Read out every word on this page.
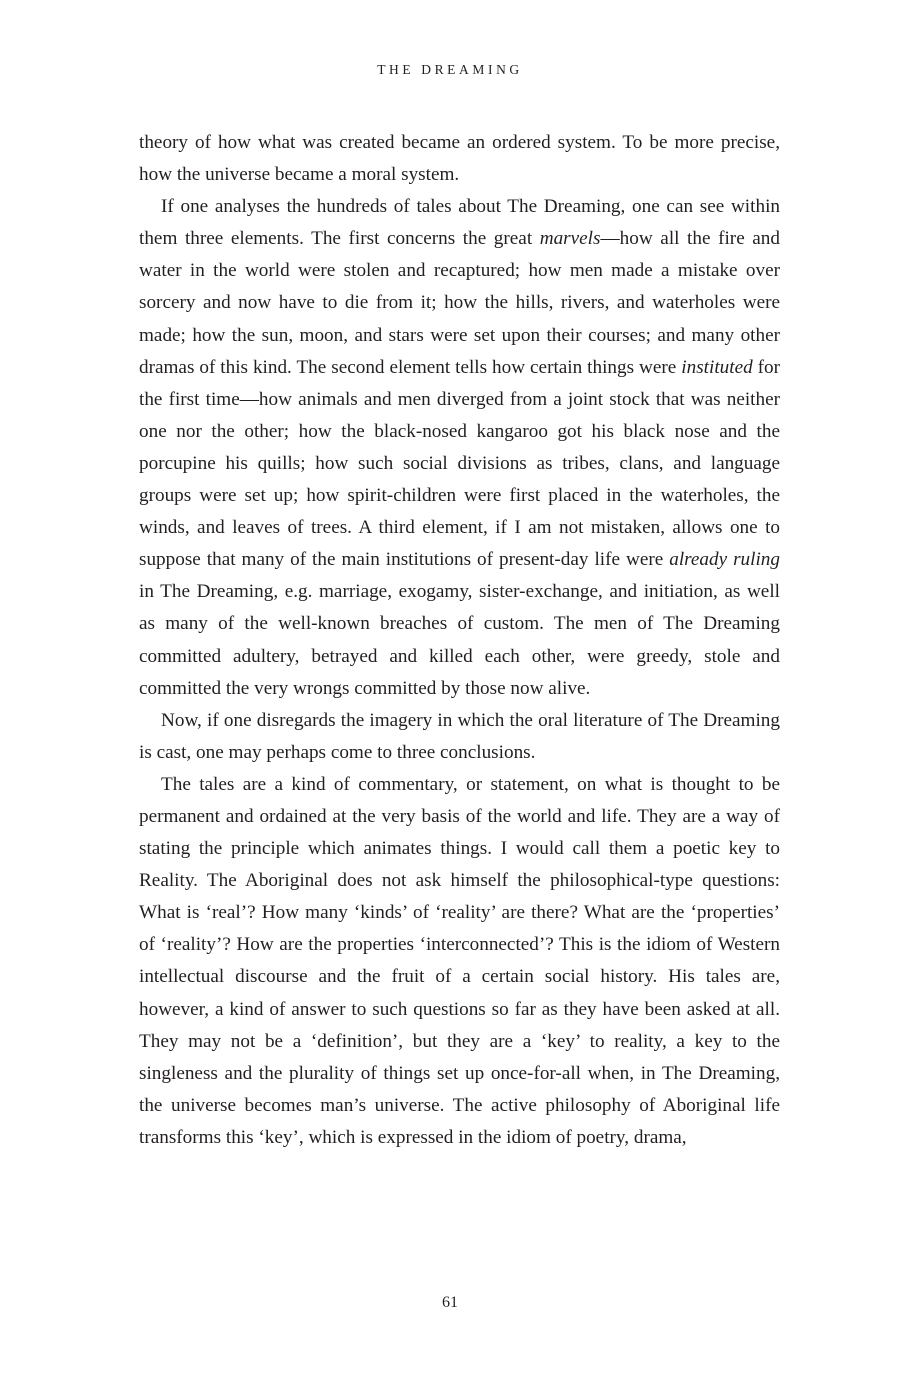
THE DREAMING

theory of how what was created became an ordered system. To be more precise, how the universe became a moral system.

If one analyses the hundreds of tales about The Dreaming, one can see within them three elements. The first concerns the great marvels—how all the fire and water in the world were stolen and recaptured; how men made a mistake over sorcery and now have to die from it; how the hills, rivers, and waterholes were made; how the sun, moon, and stars were set upon their courses; and many other dramas of this kind. The second element tells how certain things were instituted for the first time—how animals and men diverged from a joint stock that was neither one nor the other; how the black-nosed kangaroo got his black nose and the porcupine his quills; how such social divisions as tribes, clans, and language groups were set up; how spirit-children were first placed in the waterholes, the winds, and leaves of trees. A third element, if I am not mistaken, allows one to suppose that many of the main institutions of present-day life were already ruling in The Dreaming, e.g. marriage, exogamy, sister-exchange, and initiation, as well as many of the well-known breaches of custom. The men of The Dreaming committed adultery, betrayed and killed each other, were greedy, stole and committed the very wrongs committed by those now alive.

Now, if one disregards the imagery in which the oral literature of The Dreaming is cast, one may perhaps come to three conclusions.

The tales are a kind of commentary, or statement, on what is thought to be permanent and ordained at the very basis of the world and life. They are a way of stating the principle which animates things. I would call them a poetic key to Reality. The Aboriginal does not ask himself the philosophical-type questions: What is ‘real’? How many ‘kinds’ of ‘reality’ are there? What are the ‘properties’ of ‘reality’? How are the properties ‘interconnected’? This is the idiom of Western intellectual discourse and the fruit of a certain social history. His tales are, however, a kind of answer to such questions so far as they have been asked at all. They may not be a ‘definition’, but they are a ‘key’ to reality, a key to the singleness and the plurality of things set up once-for-all when, in The Dreaming, the universe becomes man’s universe. The active philosophy of Aboriginal life transforms this ‘key’, which is expressed in the idiom of poetry, drama,

61
